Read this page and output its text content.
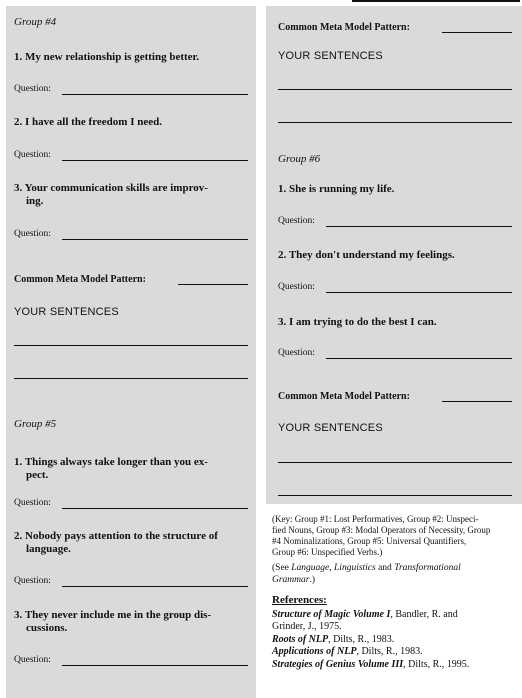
Group #4
1. My new relationship is getting better.
Question:
2. I have all the freedom I need.
Question:
3. Your communication skills are improv-
ing.
Question:
Common Meta Model Pattern:
YOUR SENTENCES
Group #5
1. Things always take longer than you ex-
pect.
Question:
2. Nobody pays attention to the structure of
language.
Question:
3. They never include me in the group dis-
cussions.
Question:
Common Meta Model Pattern:
YOUR SENTENCES
Group #6
1. She is running my life.
Question:
2. They don't understand my feelings.
Question:
3. I am trying to do the best I can.
Question:
Common Meta Model Pattern:
YOUR SENTENCES
(Key: Group #1: Lost Performatives, Group #2: Unspeci-
fied Nouns, Group #3: Modal Operators of Necessity, Group
#4 Nominalizations, Group #5: Universal Quantifiers,
Group #6: Unspecified Verbs.)
(See Language, Linguistics and Transformational
Grammar.)
References:
Structure of Magic Volume I, Bandler, R. and
Grinder, J., 1975.
Roots of NLP, Dilts, R., 1983.
Applications of NLP, Dilts, R., 1983.
Strategies of Genius Volume III, Dilts, R., 1995.
